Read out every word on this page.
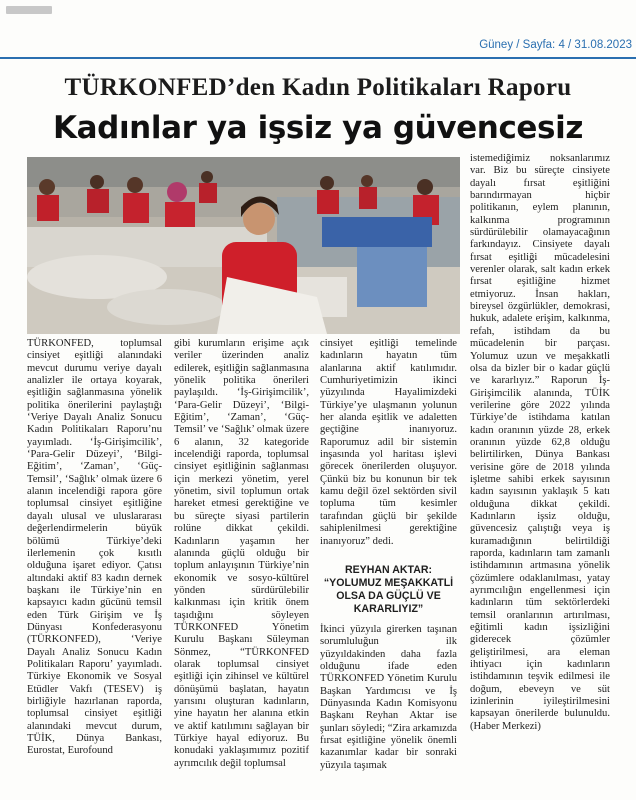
Güney / Sayfa: 4 / 31.08.2023
TÜRKONFED’den Kadın Politikaları Raporu
Kadınlar ya işsiz ya güvencesiz

TÜRKONFED, toplumsal cinsiyet eşitliği alanındaki mevcut durumu veriye dayalı analizler ile ortaya koyarak, eşitliğin sağlanmasına yönelik politika önerilerini paylaştığı ‘Veriye Dayalı Analiz Sonucu Kadın Politikaları Raporu’nu yayımladı. ‘İş-Girişimcilik’, ‘Para-Gelir Düzeyi’, ‘Bilgi-Eğitim’, ‘Zaman’, ‘Güç-Temsil’, ‘Sağlık’ olmak üzere 6 alanın incelendiği rapora göre toplumsal cinsiyet eşitliğine dayalı ulusal ve uluslararası değerlendirmelerin büyük bölümü Türkiye’deki ilerlemenin çok kısıtlı olduğuna işaret ediyor. Çatısı altındaki aktif 83 kadın dernek başkanı ile Türkiye’nin en kapsayıcı kadın gücünü temsil eden Türk Girişim ve İş Dünyası Konfederasyonu (TÜRKONFED), ‘Veriye Dayalı Analiz Sonucu Kadın Politikaları Raporu’ yayımladı. Türkiye Ekonomik ve Sosyal Etüdler Vakfı (TESEV) iş birliğiyle hazırlanan raporda, toplumsal cinsiyet eşitliği alanındaki mevcut durum, TÜİK, Dünya Bankası, Eurostat, Eurofound

gibi kurumların erişime açık veriler üzerinden analiz edilerek, eşitliğin sağlanmasına yönelik politika önerileri paylaşıldı. ‘İş-Girişimcilik’, ‘Para-Gelir Düzeyi’, ‘Bilgi-Eğitim’, ‘Zaman’, ‘Güç-Temsil’ ve ‘Sağlık’ olmak üzere 6 alanın, 32 kategoride incelendiği raporda, toplumsal cinsiyet eşitliğinin sağlanması için merkezi yönetim, yerel yönetim, sivil toplumun ortak hareket etmesi gerektiğine ve bu süreçte siyasi partilerin rolüne dikkat çekildi. Kadınların yaşamın her alanında güçlü olduğu bir toplum anlayışının Türkiye’nin ekonomik ve sosyo-kültürel yönden sürdürülebilir kalkınması için kritik önem taşıdığını söyleyen TÜRKONFED Yönetim Kurulu Başkanı Süleyman Sönmez, “TÜRKONFED olarak toplumsal cinsiyet eşitliği için zihinsel ve kültürel dönüşümü başlatan, hayatın yarısını oluşturan kadınların, yine hayatın her alanına etkin ve aktif katılımını sağlayan bir Türkiye hayal ediyoruz. Bu konudaki yaklaşımımız pozitif ayrımcılık değil toplumsal

cinsiyet eşitliği temelinde kadınların hayatın tüm alanlarına aktif katılımıdır. Cumhuriyetimizin ikinci yüzyılında Hayalimizdeki Türkiye’ye ulaşmanın yolunun her alanda eşitlik ve adaletten geçtiğine inanıyoruz. Raporumuz adil bir sistemin inşasında yol haritası işlevi görecek önerilerden oluşuyor. Çünkü biz bu konunun bir tek kamu değil özel sektörden sivil topluma tüm kesimler tarafından güçlü bir şekilde sahiplenilmesi gerektiğine inanıyoruz” dedi.

REYHAN AKTAR: “YOLUMUZ MEŞAKKATLİ OLSA DA GÜÇLÜ VE KARARLIYIZ”

İkinci yüzyıla girerken taşınan sorumluluğun ilk yüzyıldakinden daha fazla olduğunu ifade eden TÜRKONFED Yönetim Kurulu Başkan Yardımcısı ve İş Dünyasında Kadın Komisyonu Başkanı Reyhan Aktar ise şunları söyledi; “Zira arkamızda fırsat eşitliğine yönelik önemli kazanımlar kadar bir sonraki yüzyıla taşımak

istemediğimiz noksanlarımız var. Biz bu süreçte cinsiyete dayalı fırsat eşitliğini barındırmayan hiçbir politikanın, eylem planının, kalkınma programının sürdürülebilir olamayacağının farkındayız. Cinsiyete dayalı fırsat eşitliği mücadelesini verenler olarak, salt kadın erkek fırsat eşitliğine hizmet etmiyoruz. İnsan hakları, bireysel özgürlükler, demokrasi, hukuk, adalete erişim, kalkınma, refah, istihdam da bu mücadelenin bir parçası. Yolumuz uzun ve meşakkatli olsa da bizler bir o kadar güçlü ve kararlıyız.” Raporun İş-Girişimcilik alanında, TÜİK verilerine göre 2022 yılında Türkiye’de istihdama katılan kadın oranının yüzde 28, erkek oranının yüzde 62,8 olduğu belirtilirken, Dünya Bankası verisine göre de 2018 yılında işletme sahibi erkek sayısının kadın sayısının yaklaşık 5 katı olduğuna dikkat çekildi. Kadınların işsiz olduğu, güvencesiz çalıştığı veya iş kuramadığının belirtildiği raporda, kadınların tam zamanlı istihdamının artmasına yönelik çözümlere odaklanılması, yatay ayrımcılığın engellenmesi için kadınların tüm sektörlerdeki temsil oranlarının artırılması, eğitimli kadın işsizliğini giderecek çözümler geliştirilmesi, ara eleman ihtiyacı için kadınların istihdamının teşvik edilmesi ile doğum, ebeveyn ve süt izinlerinin iyileştirilmesini kapsayan önerilerde bulunuldu. (Haber Merkezi)
